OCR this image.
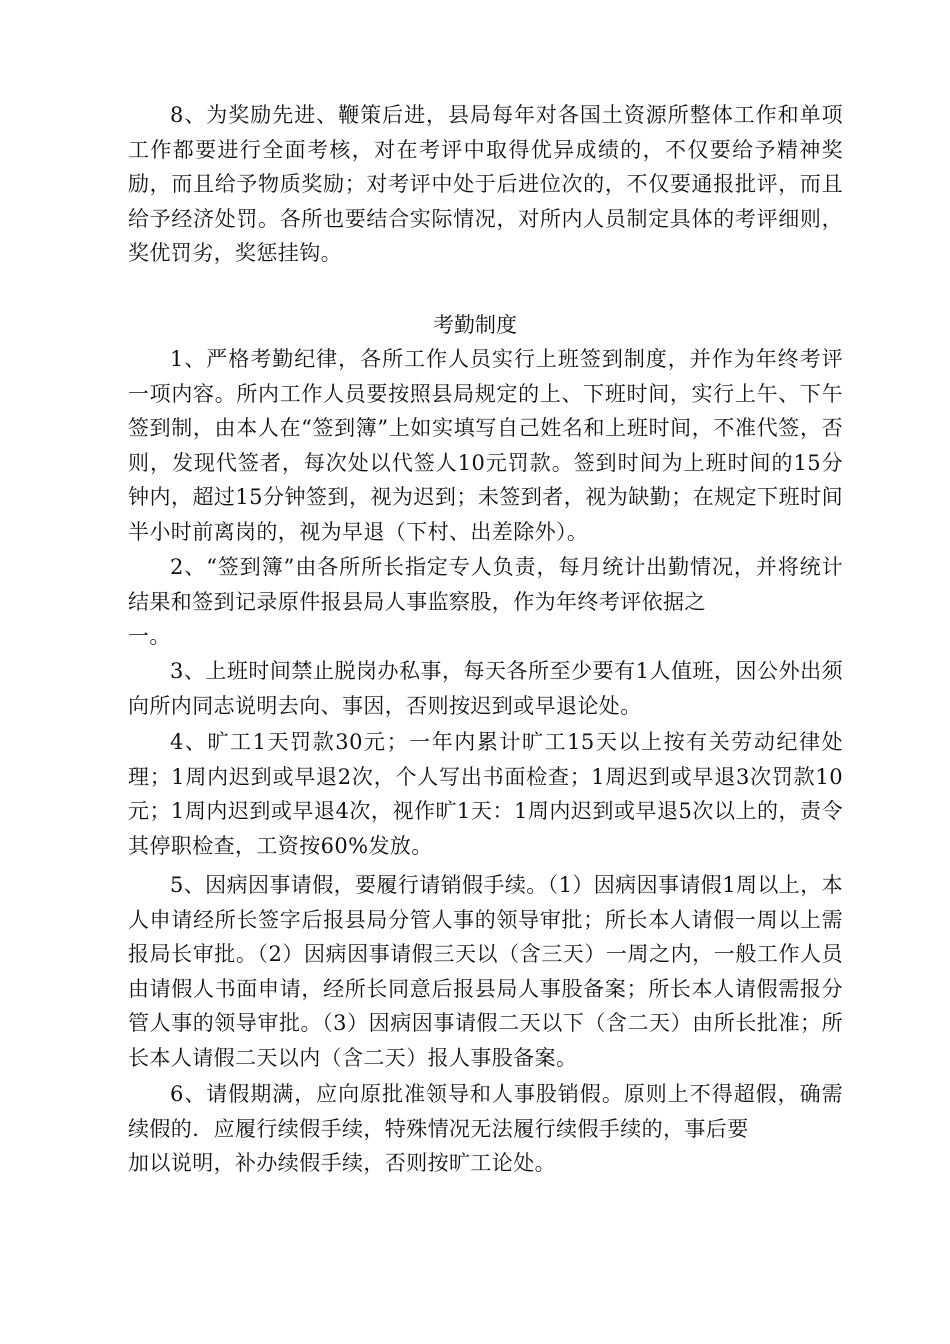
8、为奖励先进、鞭策后进，县局每年对各国土资源所整体工作和单项工作都要进行全面考核，对在考评中取得优异成绩的，不仅要给予精神奖励，而且给予物质奖励；对考评中处于后进位次的，不仅要通报批评，而且给予经济处罚。各所也要结合实际情况，对所内人员制定具体的考评细则，奖优罚劣，奖惩挂钩。

考勤制度

1、严格考勤纪律，各所工作人员实行上班签到制度，并作为年终考评一项内容。所内工作人员要按照县局规定的上、下班时间，实行上午、下午签到制，由本人在“签到簿”上如实填写自己姓名和上班时间，不准代签，否则，发现代签者，每次处以代签人10元罚款。签到时间为上班时间的15分钟内，超过15分钟签到，视为迟到；未签到者，视为缺勤；在规定下班时间半小时前离岗的，视为早退（下村、出差除外）。

2、“签到簿”由各所所长指定专人负责，每月统计出勤情况，并将统计结果和签到记录原件报县局人事监察股，作为年终考评依据之
一。

3、上班时间禁止脱岗办私事，每天各所至少要有1人值班，因公外出须向所内同志说明去向、事因，否则按迟到或早退论处。

4、旷工1天罚款30元；一年内累计旷工15天以上按有关劳动纪律处理；1周内迟到或早退2次，个人写出书面检查；1周迟到或早退3次罚款10元；1周内迟到或早退4次，视作旷1天：1周内迟到或早退5次以上的，责令其停职检查，工资按60%发放。

5、因病因事请假，要履行请销假手续。（1）因病因事请假1周以上，本人申请经所长签字后报县局分管人事的领导审批；所长本人请假一周以上需报局长审批。（2）因病因事请假三天以（含三天）一周之内，一般工作人员由请假人书面申请，经所长同意后报县局人事股备案；所长本人请假需报分管人事的领导审批。（3）因病因事请假二天以下（含二天）由所长批准；所长本人请假二天以内（含二天）报人事股备案。

6、请假期满，应向原批准领导和人事股销假。原则上不得超假，确需续假的．应履行续假手续，特殊情况无法履行续假手续的，事后要
加以说明，补办续假手续，否则按旷工论处。
